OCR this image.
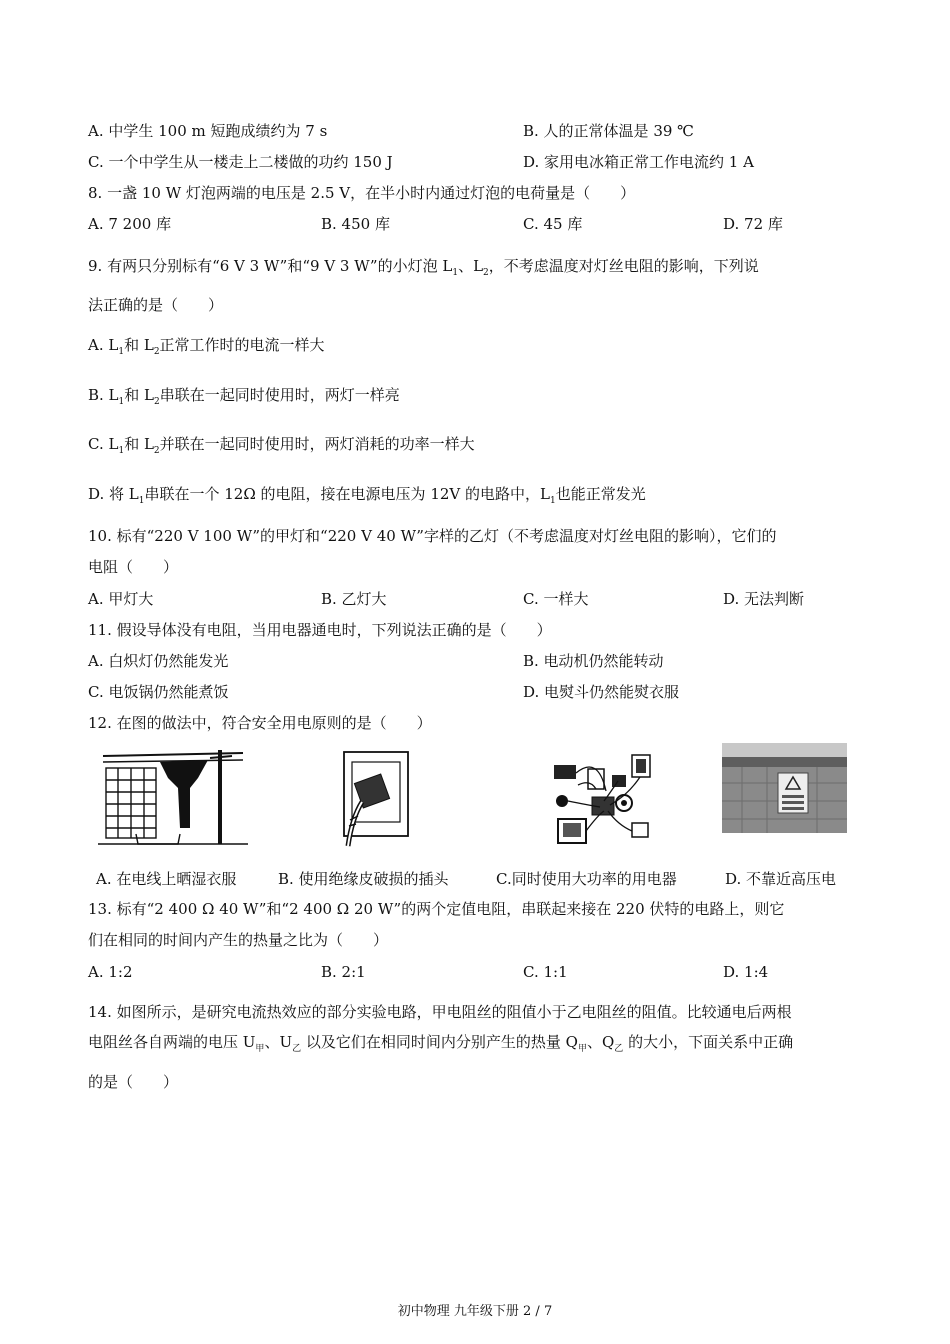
A. 中学生 100 m 短跑成绩约为 7 s	B. 人的正常体温是 39 ℃
C. 一个中学生从一楼走上二楼做的功约 150 J	D. 家用电冰箱正常工作电流约 1 A
8. 一盏 10 W 灯泡两端的电压是 2.5 V，在半小时内通过灯泡的电荷量是（　　）
A. 7 200 库	B. 450 库	C. 45 库	D. 72 库
9. 有两只分别标有“6 V 3 W”和“9 V 3 W”的小灯泡 $L_1$、$L_2$，不考虑温度对灯丝电阻的影响，下列说
法正确的是（　　）
A. $L_1$和 $L_2$正常工作时的电流一样大
B. $L_1$和 $L_2$串联在一起同时使用时，两灯一样亮
C. $L_1$和 $L_2$并联在一起同时使用时，两灯消耗的功率一样大
D. 将 $L_1$串联在一个 12Ω 的电阻，接在电源电压为 12V 的电路中，$L_1$也能正常发光
10. 标有“220 V 100 W”的甲灯和“220 V 40 W”字样的乙灯（不考虑温度对灯丝电阻的影响），它们的
电阻（　　）
A. 甲灯大	B. 乙灯大	C. 一样大	D. 无法判断
11. 假设导体没有电阻，当用电器通电时，下列说法正确的是（　　）
A. 白炽灯仍然能发光	B. 电动机仍然能转动
C. 电饭锅仍然能煮饭	D. 电熨斗仍然能熨衣服
12. 在图的做法中，符合安全用电原则的是（　　）
A. 在电线上晒湿衣服	B. 使用绝缘皮破损的插头	C.同时使用大功率的用电器	D. 不靠近高压电
13. 标有“2 400 Ω 40 W”和“2 400 Ω 20 W”的两个定值电阻，串联起来接在 220 伏特的电路上，则它
们在相同的时间内产生的热量之比为（　　）
A. 1:2	B. 2:1	C. 1:1	D. 1:4
14. 如图所示，是研究电流热效应的部分实验电路，甲电阻丝的阻值小于乙电阻丝的阻值。比较通电后两根
电阻丝各自两端的电压 $U_甲$、$U_乙$ 以及它们在相同时间内分别产生的热量 $Q_甲$、$Q_乙$ 的大小，下面关系中正确
的是（　　）
初中物理 九年级下册 2 / 7
